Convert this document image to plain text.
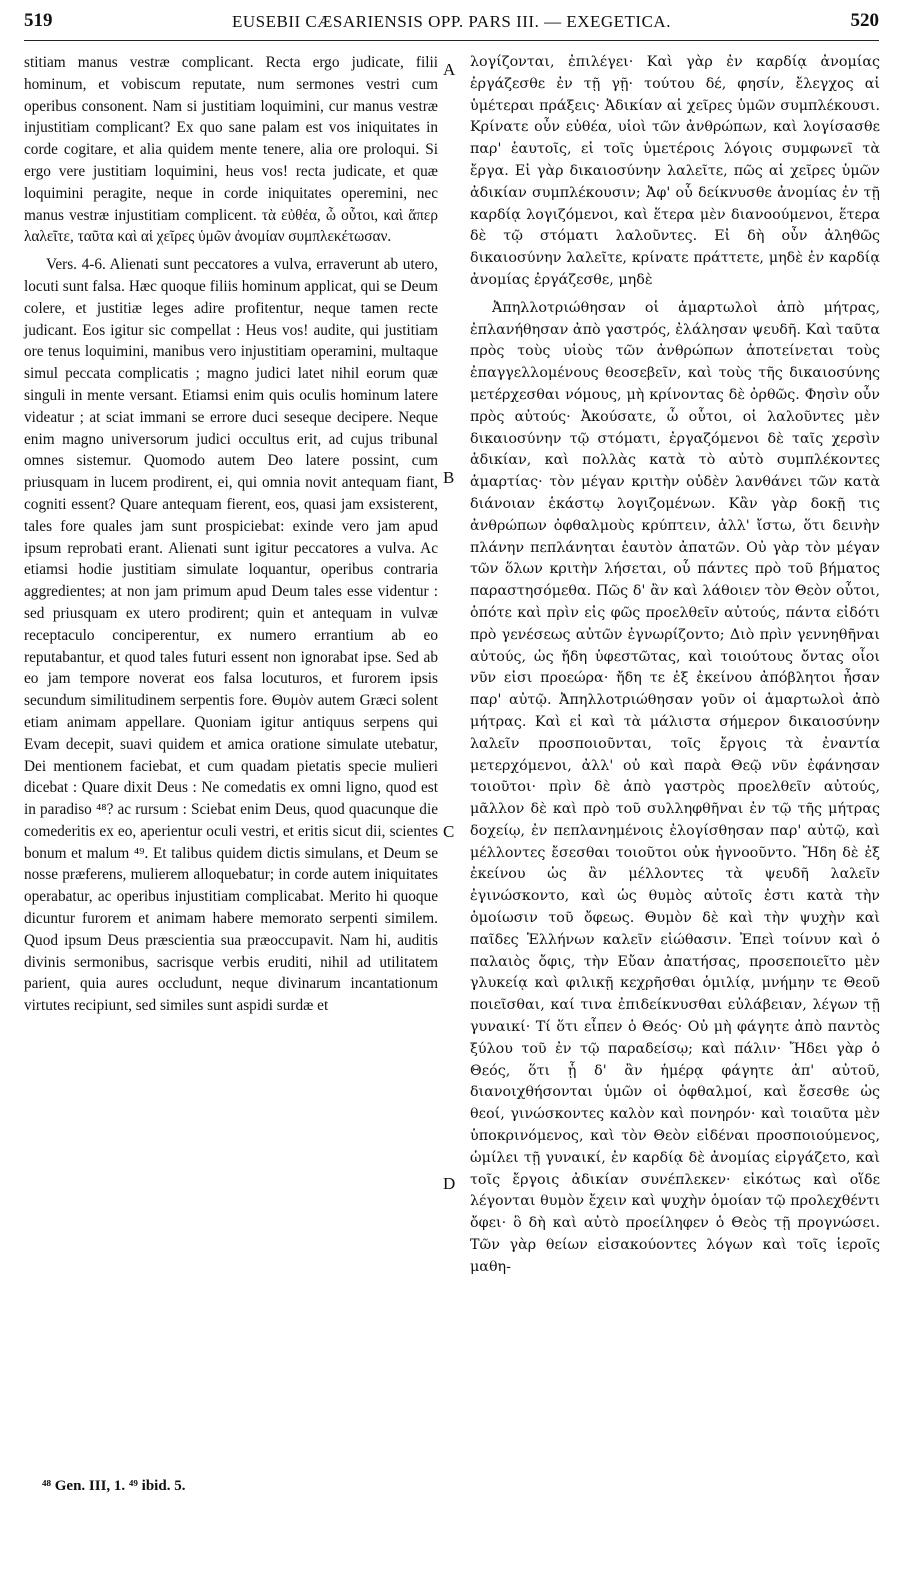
519	EUSEBII CÆSARIENSIS OPP. PARS III. — EXEGETICA.	520

stitiam manus vestræ complicant. Recta ergo judicate, filii hominum, et vobiscum reputate, num sermones vestri cum operibus consonent. Nam si justitiam loquimini, cur manus vestræ injustitiam complicant? Ex quo sane palam est vos iniquitates in corde cogitare, et alia quidem mente tenere, alia ore proloqui. Si ergo vere justitiam loquimini, heus vos! recta judicate, et quæ loquimini peragite, neque in corde iniquitates operemini, nec manus vestræ injustitiam complicent. τὰ εὐθέα, ὦ οὗτοι, καὶ ἅπερ λαλεῖτε, ταῦτα καὶ αἱ χεῖρες ὑμῶν ἀνομίαν συμπλεκέτωσαν.

Vers. 4-6. Alienati sunt peccatores a vulva, erraverunt ab utero, locuti sunt falsa. Hæc quoque filiis hominum applicat, qui se Deum colere, et justitiæ leges adire profitentur, neque tamen recte judicant. Eos igitur sic compellat : Heus vos! audite, qui justitiam ore tenus loquimini, manibus vero injustitiam operamini, multaque simul peccata complicatis ; magno judici latet nihil eorum quæ singuli in mente versant. Etiamsi enim quis oculis hominum latere videatur ; at sciat immani se errore duci seseque decipere. Neque enim magno universorum judici occultus erit, ad cujus tribunal omnes sistemur. Quomodo autem Deo latere possint, cum priusquam in lucem prodirent, ei, qui omnia novit antequam fiant, cogniti essent? Quare antequam fierent, eos, quasi jam exsisterent, tales fore quales jam sunt prospiciebat: exinde vero jam apud ipsum reprobati erant. Alienati sunt igitur peccatores a vulva. Ac etiamsi hodie justitiam simulate loquantur, operibus contraria aggredientes; at non jam primum apud Deum tales esse videntur : sed priusquam ex utero prodirent; quin et antequam in vulvæ receptaculo conciperentur, ex numero errantium ab eo reputabantur, et quod tales futuri essent non ignorabat ipse. Sed ab eo jam tempore noverat eos falsa locuturos, et furorem ipsis secundum similitudinem serpentis fore. Θυμὸν autem Græci solent etiam animam appellare. Quoniam igitur antiquus serpens qui Evam decepit, suavi quidem et amica oratione simulate utebatur, Dei mentionem faciebat, et cum quadam pietatis specie mulieri dicebat : Quare dixit Deus : Ne comedatis ex omni ligno, quod est in paradiso ⁴⁸? ac rursum : Sciebat enim Deus, quod quacunque die comederitis ex eo, aperientur oculi vestri, et eritis sicut dii, scientes bonum et malum ⁴⁹. Et talibus quidem dictis simulans, et Deum se nosse præferens, mulierem alloquebatur; in corde autem iniquitates operabatur, ac operibus injustitiam complicabat. Merito hi quoque dicuntur furorem et animam habere memorato serpenti similem. Quod ipsum Deus præscientia sua præoccupavit. Nam hi, auditis divinis sermonibus, sacrisque verbis eruditi, nihil ad utilitatem parient, quia aures occludunt, neque divinarum incantationum virtutes recipiunt, sed similes sunt aspidi surdæ et

A
B
C
D

λογίζονται, ἐπιλέγει· Καὶ γὰρ ἐν καρδίᾳ ἀνομίας ἐργάζεσθε ἐν τῇ γῇ· τούτου δέ, φησίν, ἔλεγχος αἱ ὑμέτεραι πράξεις· Ἀδικίαν αἱ χεῖρες ὑμῶν συμπλέκουσι. Κρίνατε οὖν εὐθέα, υἱοὶ τῶν ἀνθρώπων, καὶ λογίσασθε παρ' ἑαυτοῖς, εἰ τοῖς ὑμετέροις λόγοις συμφωνεῖ τὰ ἔργα. Εἰ γὰρ δικαιοσύνην λαλεῖτε, πῶς αἱ χεῖρες ὑμῶν ἀδικίαν συμπλέκουσιν; Ἀφ' οὗ δείκνυσθε ἀνομίας ἐν τῇ καρδίᾳ λογιζόμενοι, καὶ ἕτερα μὲν διανοούμενοι, ἕτερα δὲ τῷ στόματι λαλοῦντες. Εἰ δὴ οὖν ἀληθῶς δικαιοσύνην λαλεῖτε, κρίνατε πράττετε, μηδὲ ἐν καρδίᾳ ἀνομίας ἐργάζεσθε, μηδὲ

Ἀπηλλοτριώθησαν οἱ ἁμαρτωλοὶ ἀπὸ μήτρας, ἐπλανήθησαν ἀπὸ γαστρός, ἐλάλησαν ψευδῆ. Καὶ ταῦτα πρὸς τοὺς υἱοὺς τῶν ἀνθρώπων ἀποτείνεται τοὺς ἐπαγγελλομένους θεοσεβεῖν, καὶ τοὺς τῆς δικαιοσύνης μετέρχεσθαι νόμους, μὴ κρίνοντας δὲ ὀρθῶς. Φησὶν οὖν πρὸς αὐτούς· Ἀκούσατε, ὦ οὗτοι, οἱ λαλοῦντες μὲν δικαιοσύνην τῷ στόματι, ἐργαζόμενοι δὲ ταῖς χερσὶν ἀδικίαν, καὶ πολλὰς κατὰ τὸ αὐτὸ συμπλέκοντες ἁμαρτίας· τὸν μέγαν κριτὴν οὐδὲν λανθάνει τῶν κατὰ διάνοιαν ἑκάστῳ λογιζομένων. Κἂν γὰρ δοκῇ τις ἀνθρώπων ὀφθαλμοὺς κρύπτειν, ἀλλ' ἴστω, ὅτι δεινὴν πλάνην πεπλάνηται ἑαυτὸν ἀπατῶν. Οὐ γὰρ τὸν μέγαν τῶν ὅλων κριτὴν λήσεται, οὗ πάντες πρὸ τοῦ βήματος παραστησόμεθα. Πῶς δ' ἂν καὶ λάθοιεν τὸν Θεὸν οὗτοι, ὁπότε καὶ πρὶν εἰς φῶς προελθεῖν αὐτούς, πάντα εἰδότι πρὸ γενέσεως αὐτῶν ἐγνωρίζοντο; Διὸ πρὶν γεννηθῆναι αὐτούς, ὡς ἤδη ὑφεστῶτας, καὶ τοιούτους ὄντας οἷοι νῦν εἰσι προεώρα· ἤδη τε ἐξ ἐκείνου ἀπόβλητοι ἦσαν παρ' αὐτῷ. Ἀπηλλοτριώθησαν γοῦν οἱ ἁμαρτωλοὶ ἀπὸ μήτρας. Καὶ εἰ καὶ τὰ μάλιστα σήμερον δικαιοσύνην λαλεῖν προσποιοῦνται, τοῖς ἔργοις τὰ ἐναντία μετερχόμενοι, ἀλλ' οὐ καὶ παρὰ Θεῷ νῦν ἐφάνησαν τοιοῦτοι· πρὶν δὲ ἀπὸ γαστρὸς προελθεῖν αὐτούς, μᾶλλον δὲ καὶ πρὸ τοῦ συλληφθῆναι ἐν τῷ τῆς μήτρας δοχείῳ, ἐν πεπλανημένοις ἐλογίσθησαν παρ' αὐτῷ, καὶ μέλλοντες ἔσεσθαι τοιοῦτοι οὐκ ἠγνοοῦντο. Ἤδη δὲ ἐξ ἐκείνου ὡς ἂν μέλλοντες τὰ ψευδῆ λαλεῖν ἐγινώσκοντο, καὶ ὡς θυμὸς αὐτοῖς ἐστι κατὰ τὴν ὁμοίωσιν τοῦ ὄφεως. Θυμὸν δὲ καὶ τὴν ψυχὴν καὶ παῖδες Ἑλλήνων καλεῖν εἰώθασιν. Ἐπεὶ τοίνυν καὶ ὁ παλαιὸς ὄφις, τὴν Εὔαν ἀπατήσας, προσεποιεῖτο μὲν γλυκείᾳ καὶ φιλικῇ κεχρῆσθαι ὁμιλίᾳ, μνήμην τε Θεοῦ ποιεῖσθαι, καί τινα ἐπιδείκνυσθαι εὐλάβειαν, λέγων τῇ γυναικί· Τί ὅτι εἶπεν ὁ Θεός· Οὐ μὴ φάγητε ἀπὸ παντὸς ξύλου τοῦ ἐν τῷ παραδείσῳ; καὶ πάλιν· Ἤδει γὰρ ὁ Θεός, ὅτι ᾗ δ' ἂν ἡμέρᾳ φάγητε ἀπ' αὐτοῦ, διανοιχθήσονται ὑμῶν οἱ ὀφθαλμοί, καὶ ἔσεσθε ὡς θεοί, γινώσκοντες καλὸν καὶ πονηρόν· καὶ τοιαῦτα μὲν ὑποκρινόμενος, καὶ τὸν Θεὸν εἰδέναι προσποιούμενος, ὡμίλει τῇ γυναικί, ἐν καρδίᾳ δὲ ἀνομίας εἰργάζετο, καὶ τοῖς ἔργοις ἀδικίαν συνέπλεκεν· εἰκότως καὶ οἵδε λέγονται θυμὸν ἔχειν καὶ ψυχὴν ὁμοίαν τῷ προλεχθέντι ὄφει· ὃ δὴ καὶ αὐτὸ προείληφεν ὁ Θεὸς τῇ προγνώσει. Τῶν γὰρ θείων εἰσακούοντες λόγων καὶ τοῖς ἱεροῖς μαθη-

⁴⁸ Gen. III, 1. ⁴⁹ ibid. 5.
